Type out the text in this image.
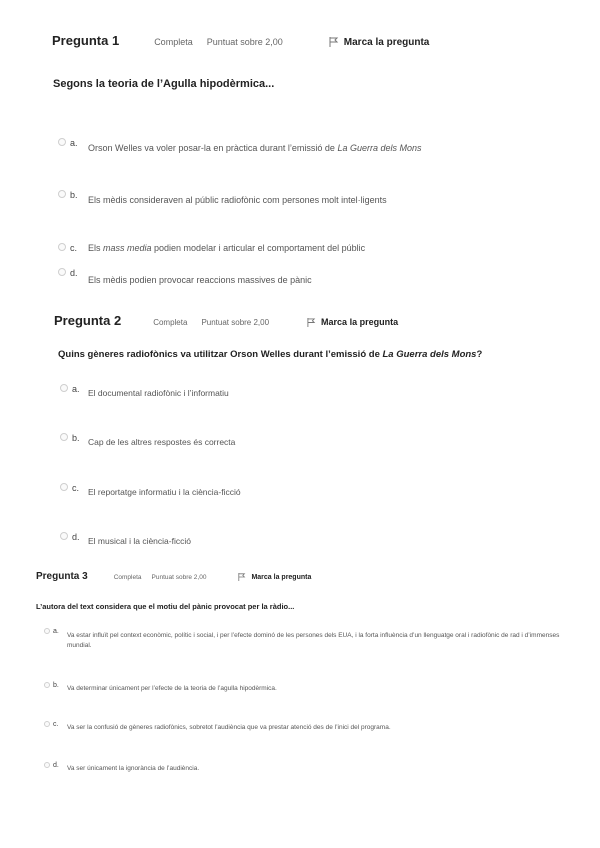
Pregunta 1	Completa Puntuat sobre 2,00	Marca la pregunta
Segons la teoria de l’Agulla hipodèrmica...
a.	Orson Welles va voler posar-la en pràctica durant l’emissió de La Guerra dels Mons
b.	Els mèdis consideraven al públic radiofònic com persones molt intel·ligents
c.	Els mass media podien modelar i articular el comportament del públic
d.
Els mèdis podien provocar reaccions massives de pànic
Pregunta 2	Completa Puntuat sobre 2,00	Marca la pregunta
Quins gèneres radiofònics va utilitzar Orson Welles durant l’emissió de La Guerra dels Mons?
a. El documental radiofònic i l’informatiu
b. Cap de les altres respostes és correcta
c.	El reportatge informatiu i la ciència-ficció
d. El musical i la ciència-ficció
Pregunta 3	Completa Puntuat sobre 2,00	Marca la pregunta
L’autora del text considera que el motiu del pànic provocat per la ràdio...
a.
Va estar influït pel context econòmic, polític i social, i per l’efecte dominó de les persones dels EUA, i la forta influència d’un llenguatge oral i radiofònic de rad i d’immenses mundial.
b.	Va determinar únicament per l’efecte de la teoria de l’agulla hipodèrmica.
c.	Va ser la confusió de gèneres radiofònics, sobretot l’audiència que va prestar atenció des de l’inici del programa.
d.	Va ser únicament la ignorància de l’audiència.
